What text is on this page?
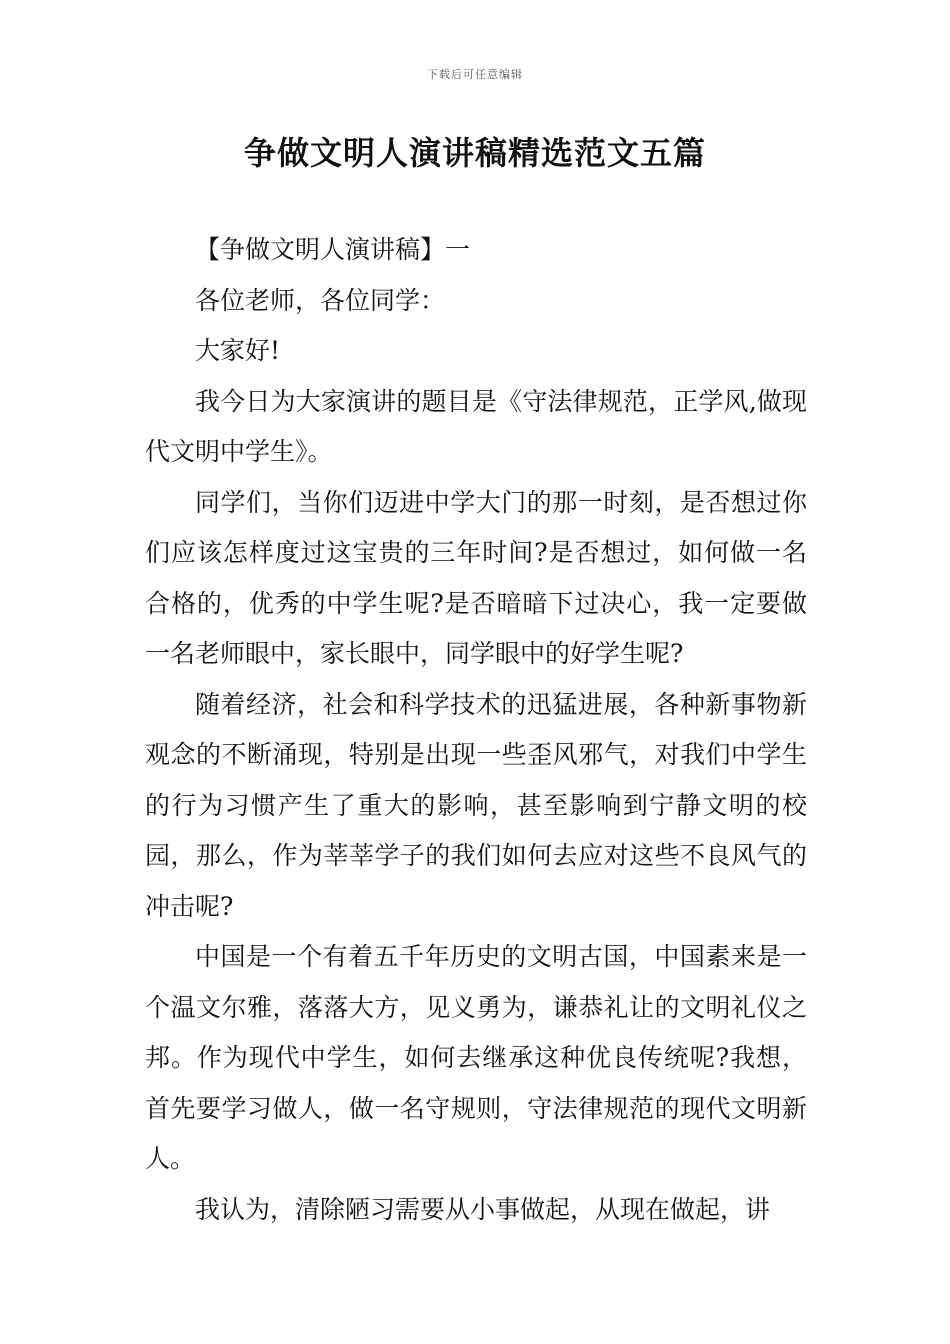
下载后可任意编辑
争做文明人演讲稿精选范文五篇

【争做文明人演讲稿】一

各位老师，各位同学：

大家好!

我今日为大家演讲的题目是《守法律规范，正学风,做现代文明中学生》。

同学们，当你们迈进中学大门的那一时刻，是否想过你们应该怎样度过这宝贵的三年时间?是否想过，如何做一名合格的，优秀的中学生呢?是否暗暗下过决心，我一定要做一名老师眼中，家长眼中，同学眼中的好学生呢?

随着经济，社会和科学技术的迅猛进展，各种新事物新观念的不断涌现，特别是出现一些歪风邪气，对我们中学生的行为习惯产生了重大的影响，甚至影响到宁静文明的校园，那么，作为莘莘学子的我们如何去应对这些不良风气的冲击呢?

中国是一个有着五千年历史的文明古国，中国素来是一个温文尔雅，落落大方，见义勇为，谦恭礼让的文明礼仪之邦。作为现代中学生，如何去继承这种优良传统呢?我想，首先要学习做人，做一名守规则，守法律规范的现代文明新人。

我认为，清除陋习需要从小事做起，从现在做起，讲
